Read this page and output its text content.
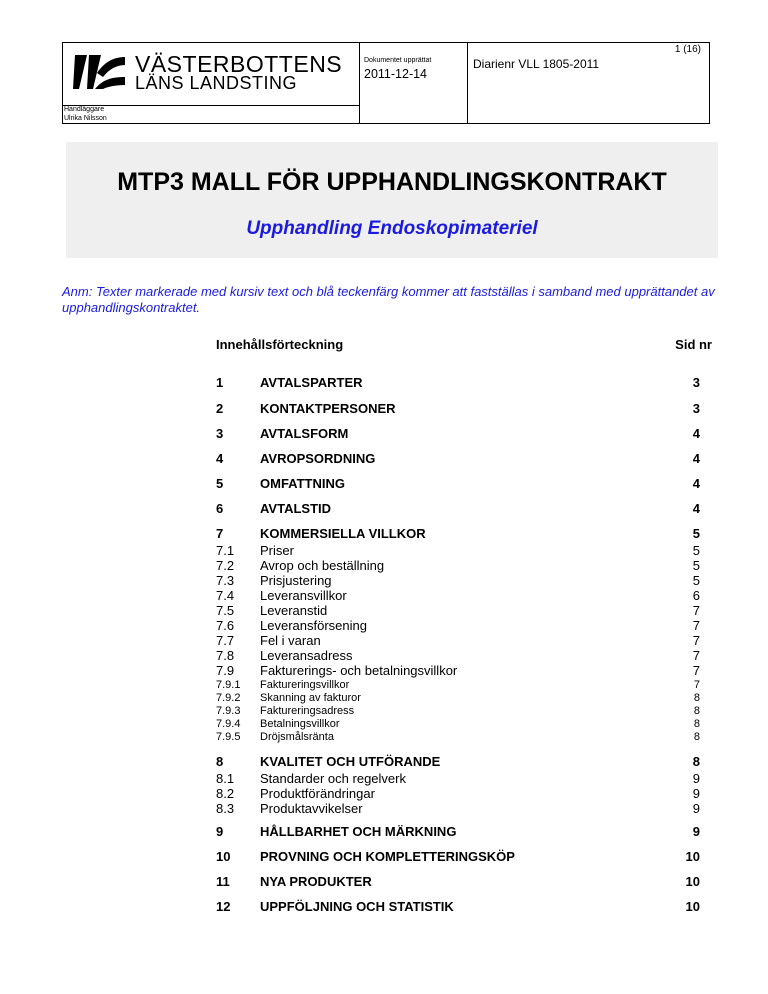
VÄSTERBOTTENS
LÄNS LANDSTING
Dokumentet upprättat
2011-12-14
Diarienr VLL 1805-2011
1 (16)
Handläggare
Ulrika Nilsson
MTP3 MALL FÖR UPPHANDLINGSKONTRAKT
Upphandling Endoskopimateriel
Anm: Texter markerade med kursiv text och blå teckenfärg kommer att fastställas i samband med upprättandet av upphandlingskontraktet.
Innehållsförteckning	Sid nr
1	AVTALSPARTER	3
2	KONTAKTPERSONER	3
3	AVTALSFORM	4
4	AVROPSORDNING	4
5	OMFATTNING	4
6	AVTALSTID	4
7	KOMMERSIELLA VILLKOR	5
7.1 Priser	5
7.2 Avrop och beställning	5
7.3 Prisjustering	5
7.4 Leveransvillkor	6
7.5 Leveranstid	7
7.6 Leveransförsening	7
7.7 Fel i varan	7
7.8 Leveransadress	7
7.9 Fakturerings- och betalningsvillkor	7
7.9.1 Faktureringsvillkor	7
7.9.2 Skanning av fakturor	8
7.9.3 Faktureringsadress	8
7.9.4 Betalningsvillkor	8
7.9.5 Dröjsmålsränta	8
8	KVALITET OCH UTFÖRANDE	8
8.1 Standarder och regelverk	9
8.2 Produktförändringar	9
8.3 Produktavvikelser	9
9	HÅLLBARHET OCH MÄRKNING	9
10 PROVNING OCH KOMPLETTERINGSKÖP	10
11 NYA PRODUKTER	10
12 UPPFÖLJNING OCH STATISTIK	10
